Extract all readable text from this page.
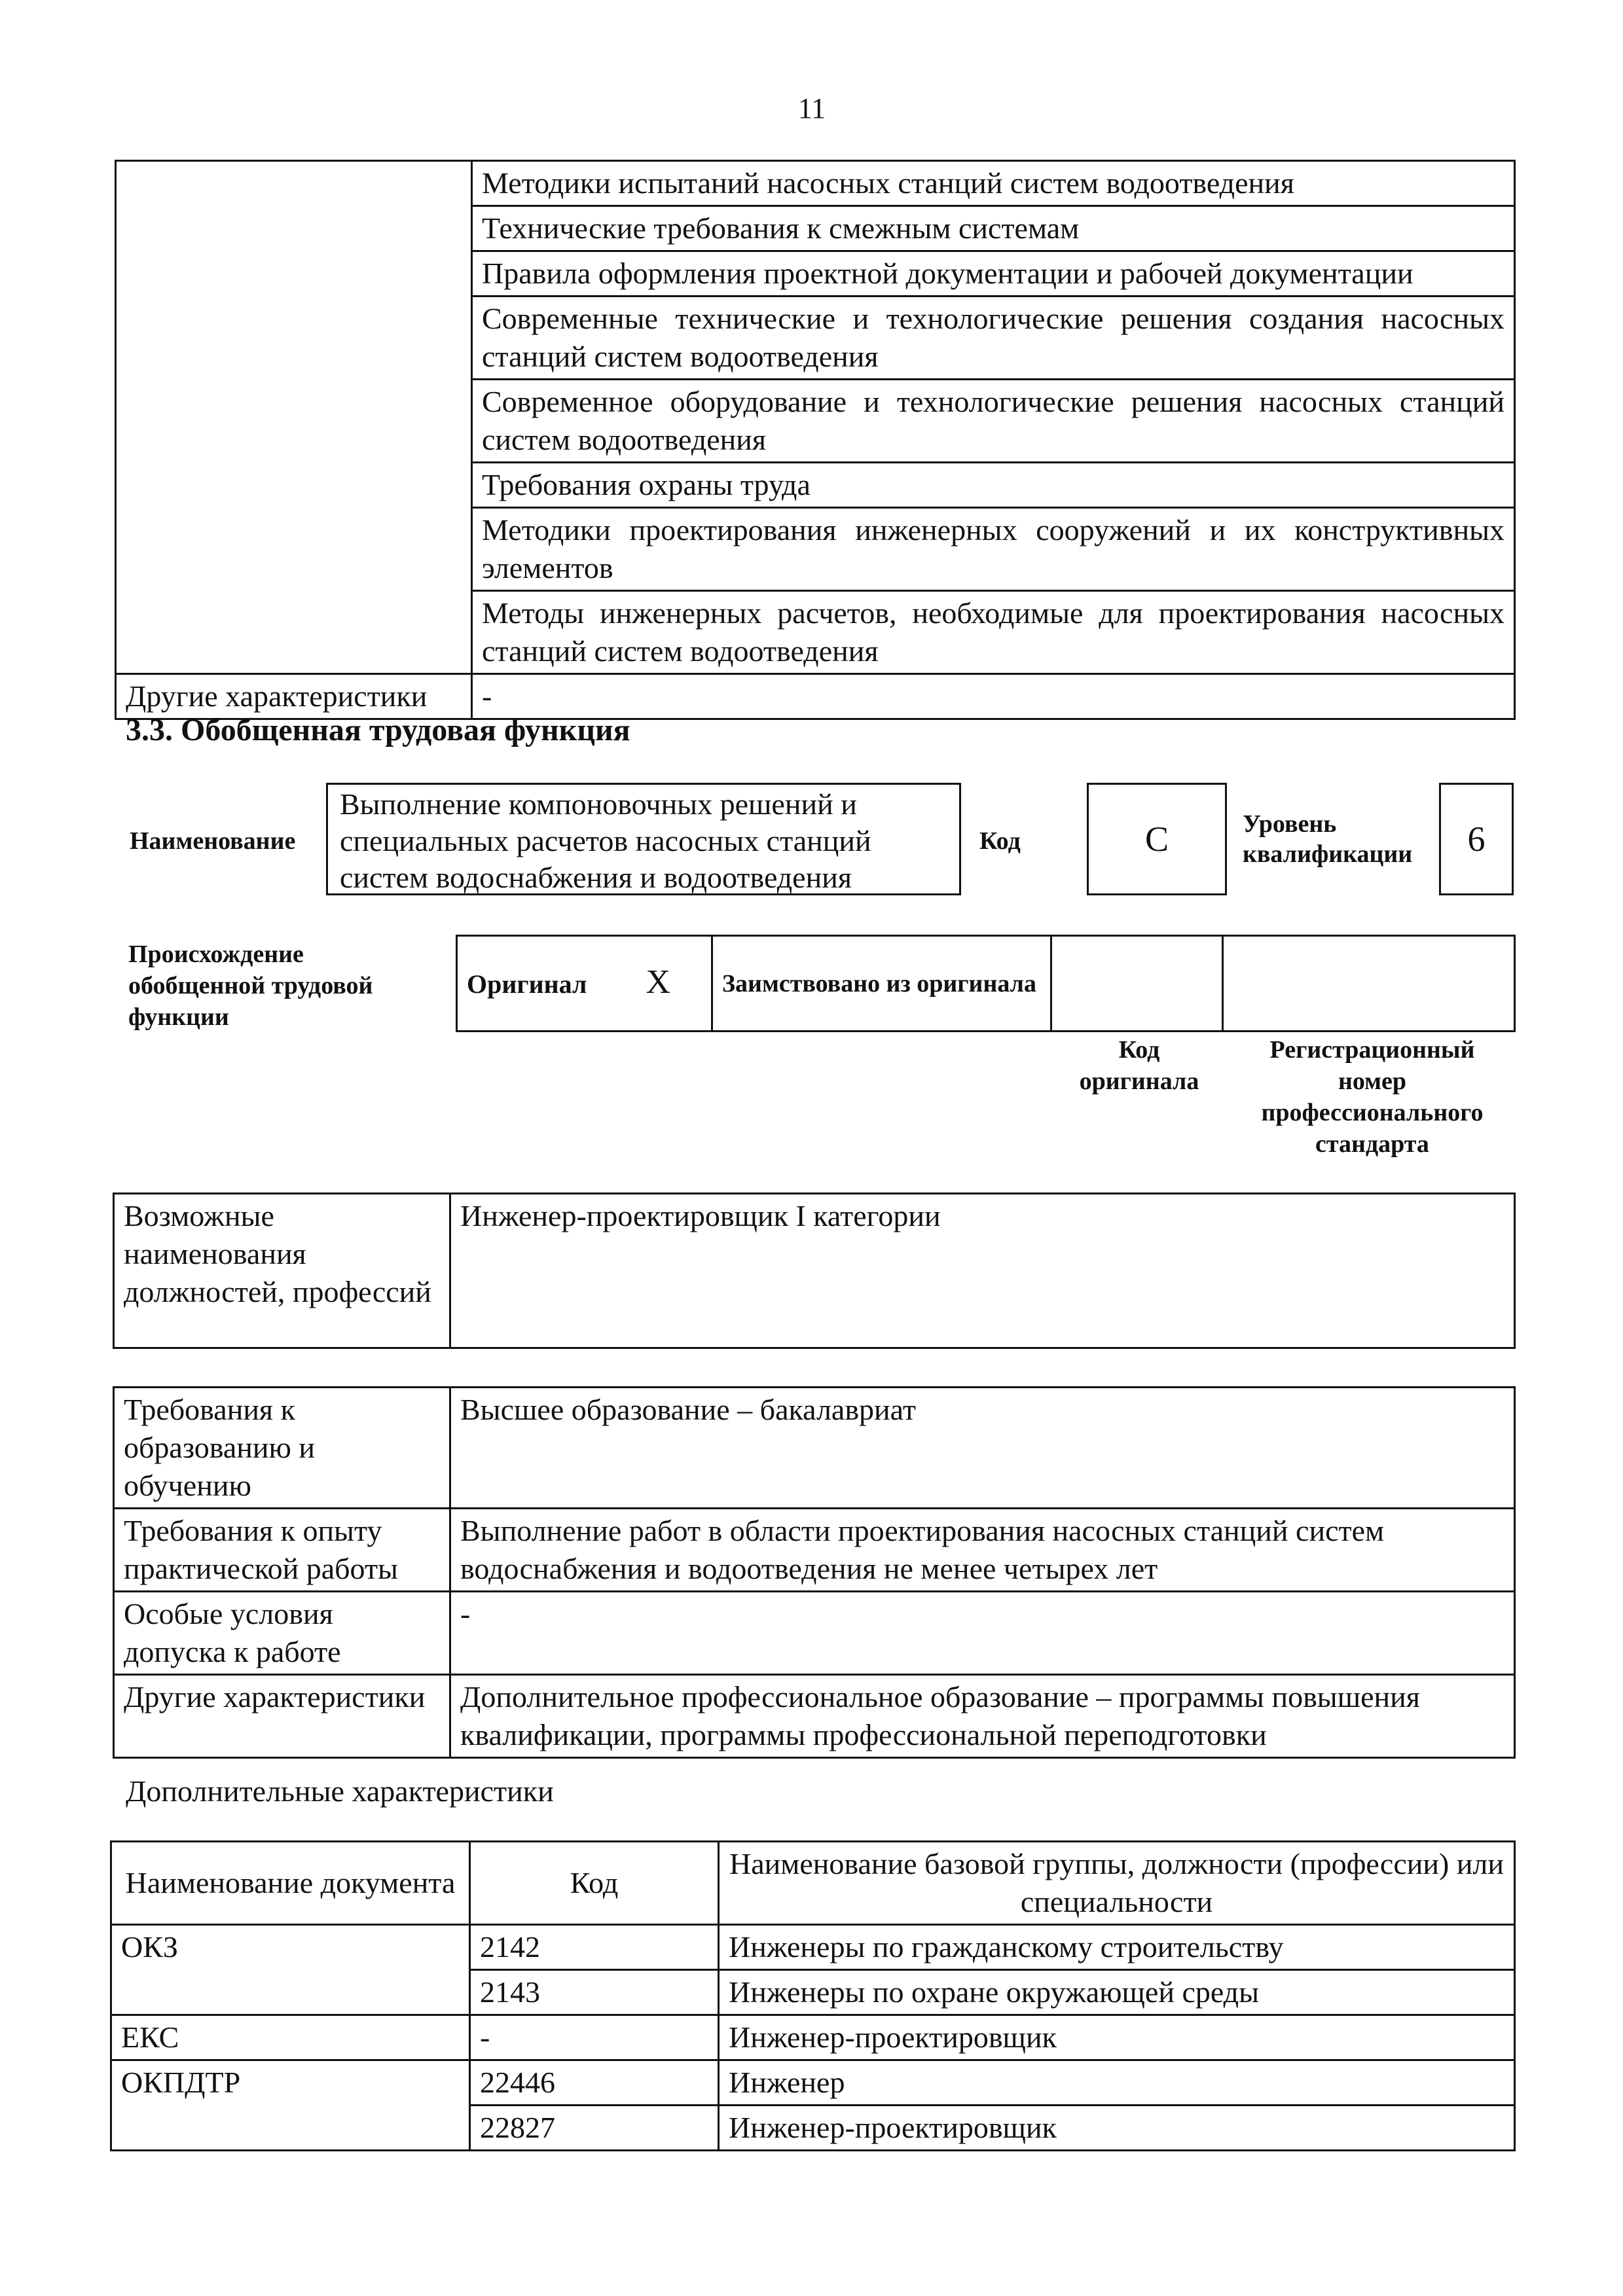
11
	Методики испытаний насосных станций систем водоотведения
	Технические требования к смежным системам
	Правила оформления проектной документации и рабочей документации
	Современные технические и технологические решения создания насосных станций систем водоотведения
	Современное оборудование и технологические решения насосных станций систем водоотведения
	Требования охраны труда
	Методики проектирования инженерных сооружений и их конструктивных элементов
	Методы инженерных расчетов, необходимые для проектирования насосных станций систем водоотведения
Другие характеристики	-
3.3. Обобщенная трудовая функция
Наименование
Выполнение компоновочных решений и специальных расчетов насосных станций систем водоснабжения и водоотведения
Код	С	Уровень квалификации	6
Происхождение обобщенной трудовой функции
Оригинал Х	Заимствовано из оригинала		
Код оригинала
Регистрационный номер профессионального стандарта
Возможные наименования должностей, профессий	Инженер-проектировщик I категории
Требования к образованию и обучению	Высшее образование – бакалавриат
Требования к опыту практической работы	Выполнение работ в области проектирования насосных станций систем водоснабжения и водоотведения не менее четырех лет
Особые условия допуска к работе	-
Другие характеристики	Дополнительное профессиональное образование – программы повышения квалификации, программы профессиональной переподготовки
Дополнительные характеристики
Наименование документа	Код	Наименование базовой группы, должности (профессии) или специальности
ОКЗ	2142	Инженеры по гражданскому строительству
	2143	Инженеры по охране окружающей среды
ЕКС	-	Инженер-проектировщик
ОКПДТР	22446	Инженер
	22827	Инженер-проектировщик
